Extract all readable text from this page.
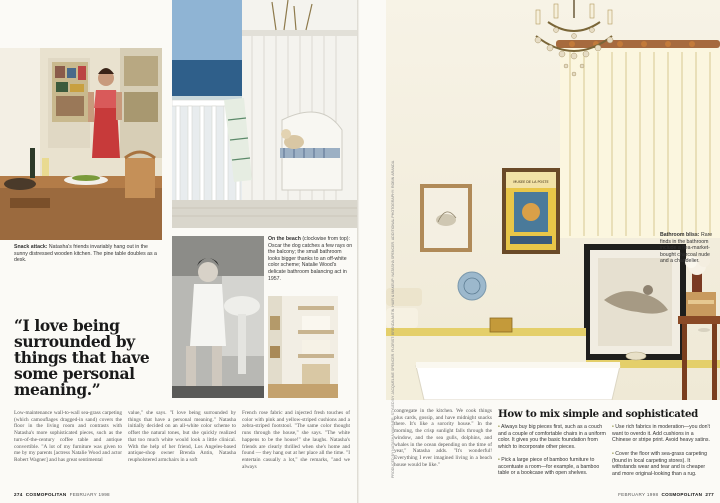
Snack attack: Natasha's friends invariably hang out in the sunny distressed wooden kitchen. The pine table doubles as a desk.
On the beach (clockwise from top): Oscar the dog catches a few rays on the balcony; the small bathroom looks bigger thanks to an off-white color scheme; Natalie Wood's delicate bathroom balancing act in 1957.
“I love being surrounded by things that have some personal meaning.”
Low-maintenance wall-to-wall sea-grass carpeting (which camouflages dragged-in sand) covers the floor in the living room and contrasts with Natasha's more sophisticated pieces, such as the turn-of-the-century coffee table and antique convertible. "A lot of my furniture was given to me by my parents [actress Natalie Wood and actor Robert Wagner] and has great sentimental
value," she says. "I love being surrounded by things that have a personal meaning." Natasha initially decided on an all-white color scheme to offset the natural tones, but she quickly realized that too much white would look a little clinical. With the help of her friend, Los Angeles-based antique-shop owner Brenda Antin, Natasha reupholstered armchairs in a soft
French rose fabric and injected fresh touches of color with pink and yellow-striped cushions and a zebra-striped footstool. "The same color thought runs through the house," she says. "The white happens to be the house!" she laughs. Natasha's friends are clearly thrilled when she's home and found — they hang out at her place all the time. "I entertain casually a lot," she remarks, "and we always
274 COSMOPOLITAN FEBRUARY 1998
MUSEE DE LA POSTE
Bathroom bliss: Rare finds in the bathroom include a flea-market-bought charcoal nude and a chandelier.
PRODUCED BY NATASHA WAGNER. STYLED BY JACQUELINE SPENCER. FLORIST: BRENDA ANTIN. HAIR & MAKEUP: NATASHA SPENCER. ADDITIONAL PHOTOGRAPHY: ROBIN ARANDA. congregate in the kitchen. We cook things plus cards, gossip, and have midnight snacks there. It's like a sorority house." In the morning, the crisp sunlight falls through the window, and the sea gulls, dolphins, and whales in the ocean depending on the time of year," Natasha adds. "It's wonderful! Everything I ever imagined living in a beach house would be like."
How to mix simple and sophisticated
• Always buy big pieces first, such as a couch and a couple of comfortable chairs in a uniform color. It gives you the basic foundation from which to incorporate other pieces.
• Pick a large piece of bamboo furniture to accentuate a room—for example, a bamboo table or a bookcase with open shelves.
• Use rich fabrics in moderation—you don't want to overdo it. Add cushions in a Chinese or stripe print. Avoid heavy satins.
• Cover the floor with sea-grass carpeting (found in local carpeting stores). It withstands wear and tear and is cheaper and more original-looking than a rug.
FEBRUARY 1998 COSMOPOLITAN 277
